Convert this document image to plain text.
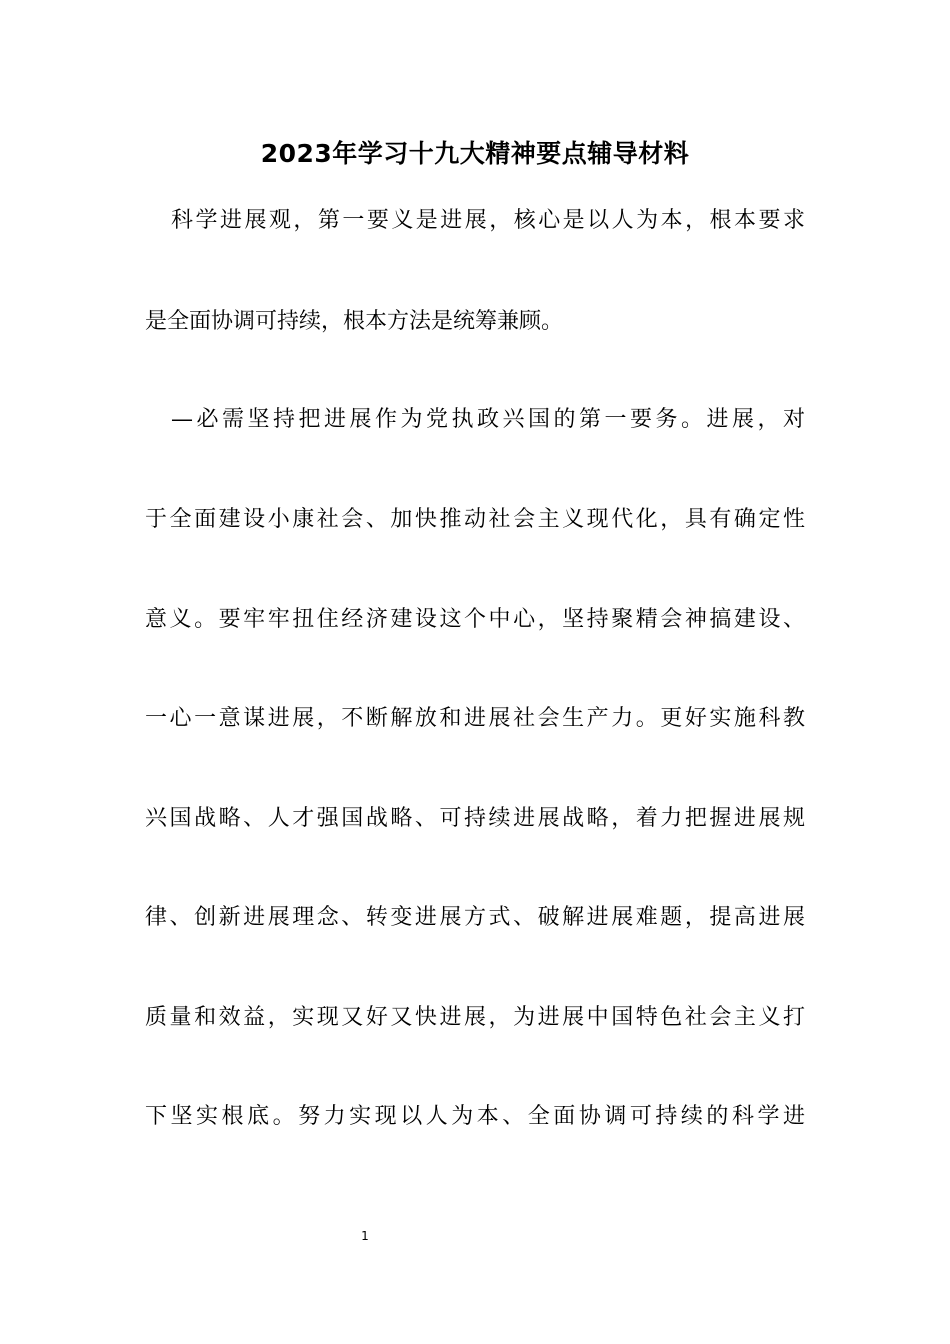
2023年学习十九大精神要点辅导材料
科学进展观，第一要义是进展，核心是以人为本，根本要求
是全面协调可持续，根本方法是统筹兼顾。
—必需坚持把进展作为党执政兴国的第一要务。进展，对
于全面建设小康社会、加快推动社会主义现代化，具有确定性
意义。要牢牢扭住经济建设这个中心，坚持聚精会神搞建设、
一心一意谋进展，不断解放和进展社会生产力。更好实施科教
兴国战略、人才强国战略、可持续进展战略，着力把握进展规
律、创新进展理念、转变进展方式、破解进展难题，提高进展
质量和效益，实现又好又快进展，为进展中国特色社会主义打
下坚实根底。努力实现以人为本、全面协调可持续的科学进
1
